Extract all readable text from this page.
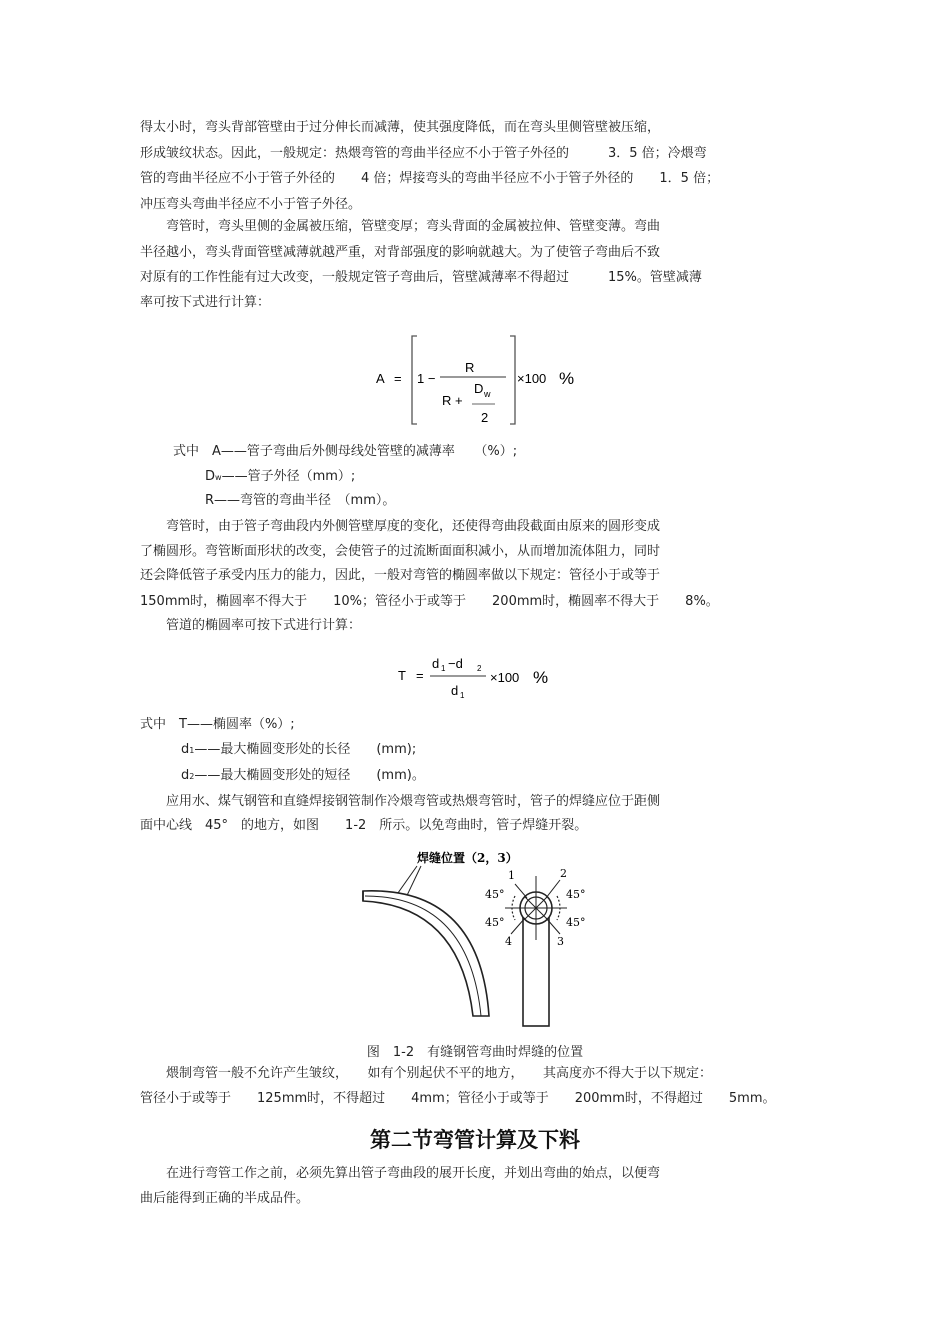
得太小时，弯头背部管壁由于过分伸长而减薄，使其强度降低，而在弯头里侧管壁被压缩，

形成皱纹状态。因此，一般规定：热煨弯管的弯曲半径应不小于管子外径的　　　3．5 倍；冷煨弯

管的弯曲半径应不小于管子外径的　　4 倍；焊接弯头的弯曲半径应不小于管子外径的　　1．5 倍；

冲压弯头弯曲半径应不小于管子外径。

　　弯管时，弯头里侧的金属被压缩，管壁变厚；弯头背面的金属被拉伸、管壁变薄。弯曲

半径越小，弯头背面管壁减薄就越严重，对背部强度的影响就越大。为了使管子弯曲后不致

对原有的工作性能有过大改变，一般规定管子弯曲后，管壁减薄率不得超过　　　15%。管壁减薄

率可按下式进行计算：

A = 1 −
R
R +
D w
2
×100 %

式中　A——管子弯曲后外侧母线处管壁的减薄率　　（%）;

Dw——管子外径（mm）;

R——弯管的弯曲半径　（mm）。

　　弯管时，由于管子弯曲段内外侧管壁厚度的变化，还使得弯曲段截面由原来的圆形变成

了椭圆形。弯管断面形状的改变，会使管子的过流断面面积减小，从而增加流体阻力，同时

还会降低管子承受内压力的能力，因此，一般对弯管的椭圆率做以下规定：管径小于或等于

150mm时，椭圆率不得大于　　10%；管径小于或等于　　200mm时，椭圆率不得大于　　8%。

　　管道的椭圆率可按下式进行计算：

T =
d 1 −d 2
d 1
×100 %

式中　T——椭圆率（%）;

d1——最大椭圆变形处的长径　　(mm);

d2——最大椭圆变形处的短径　　(mm)。

　　应用水、煤气钢管和直缝焊接钢管制作冷煨弯管或热煨弯管时，管子的焊缝应位于距侧

面中心线　45°　的地方，如图　　1-2　所示。以免弯曲时，管子焊缝开裂。

焊缝位置（2，3）
1	2
3
4
45°	45°
45°	45°

图　1-2　有缝钢管弯曲时焊缝的位置

　　煨制弯管一般不允许产生皱纹，　　如有个别起伏不平的地方，　　其高度亦不得大于以下规定：

管径小于或等于　　125mm时，不得超过　　4mm；管径小于或等于　　200mm时，不得超过　　5mm。

第二节弯管计算及下料

　　在进行弯管工作之前，必须先算出管子弯曲段的展开长度，并划出弯曲的始点，以便弯

曲后能得到正确的半成品件。
